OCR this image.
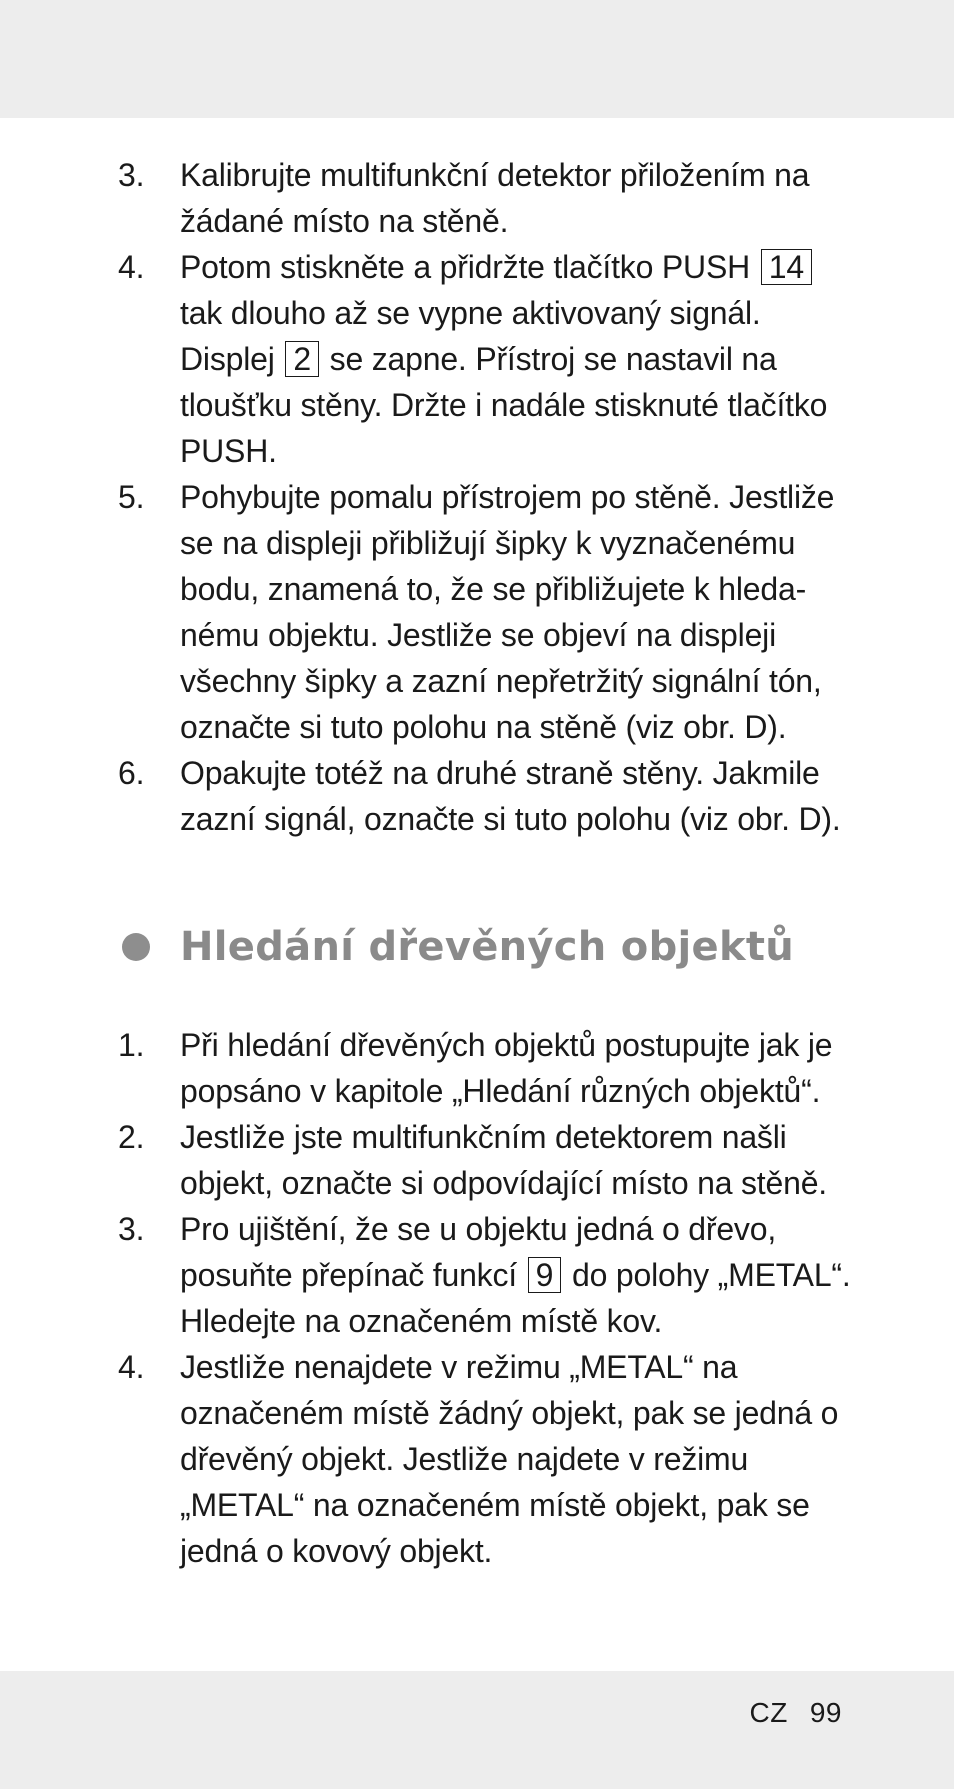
3.	Kalibrujte multifunkční detektor přiložením na žádané místo na stěně.
4.	Potom stiskněte a přidržte tlačítko PUSH 14 tak dlouho až se vypne aktivovaný signál. Displej 2 se zapne. Přístroj se nastavil na tloušťku stěny. Držte i nadále stisknuté tlačítko PUSH.
5.	Pohybujte pomalu přístrojem po stěně. Jestliže se na displeji přibližují šipky k vyznačenému bodu, znamená to, že se přibližujete k hledanému objektu. Jestliže se objeví na displeji všechny šipky a zazní nepřetržitý signální tón, označte si tuto polohu na stěně (viz obr. D).
6.	Opakujte totéž na druhé straně stěny. Jakmile zazní signál, označte si tuto polohu (viz obr. D).
Hledání dřevěných objektů
1.	Při hledání dřevěných objektů postupujte jak je popsáno v kapitole „Hledání různých objektů“.
2.	Jestliže jste multifunkčním detektorem našli objekt, označte si odpovídající místo na stěně.
3.	Pro ujištění, že se u objektu jedná o dřevo, posuňte přepínač funkcí 9 do polohy „METAL“. Hledejte na označeném místě kov.
4.	Jestliže nenajdete v režimu „METAL“ na označeném místě žádný objekt, pak se jedná o dřevěný objekt. Jestliže najdete v režimu „METAL“ na označeném místě objekt, pak se jedná o kovový objekt.
CZ 99
